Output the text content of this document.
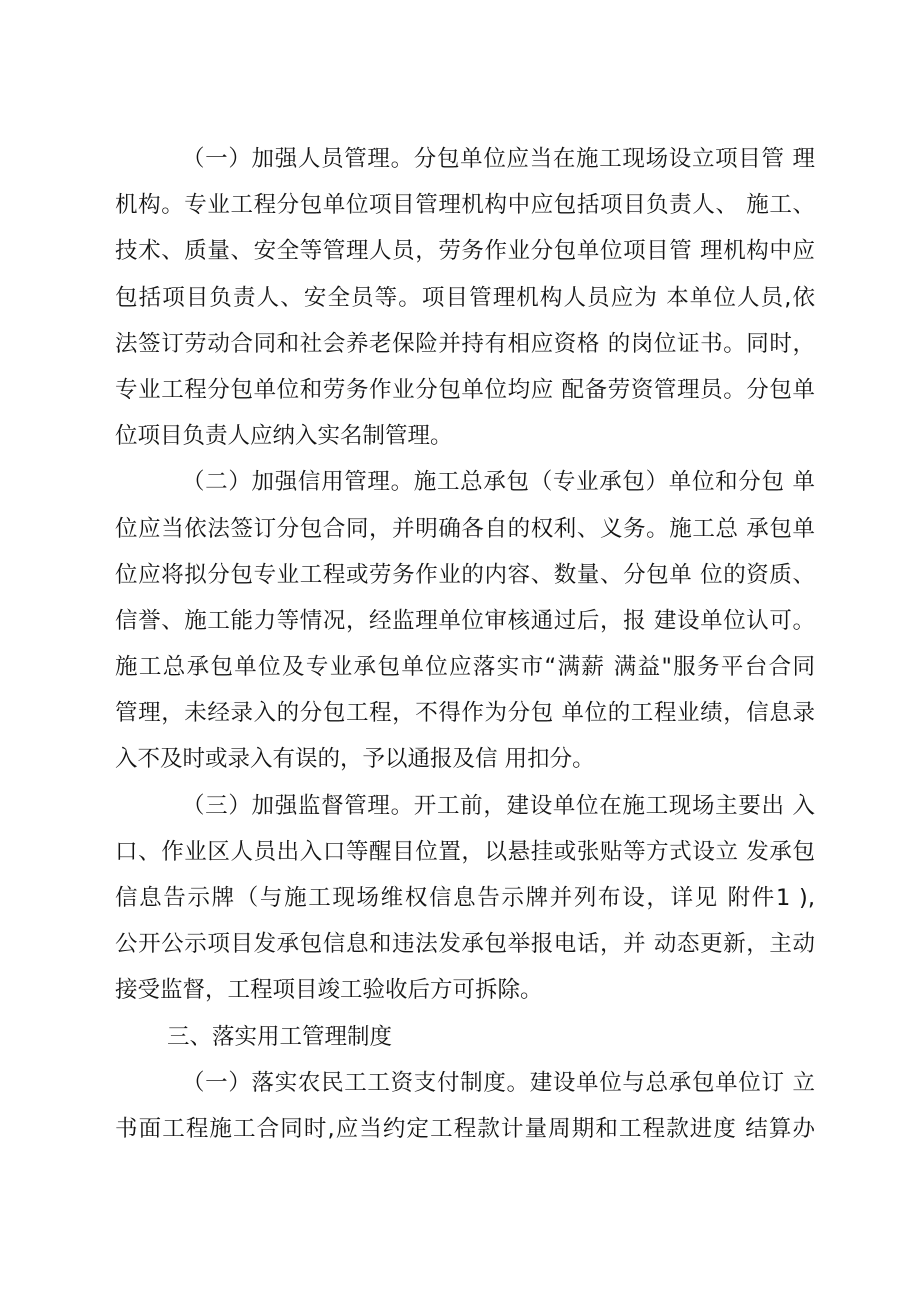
（一）加强人员管理。分包单位应当在施工现场设立项目管 理
机构。专业工程分包单位项目管理机构中应包括项目负责人、 施工、
技术、质量、安全等管理人员，劳务作业分包单位项目管 理机构中应
包括项目负责人、安全员等。项目管理机构人员应为 本单位人员,依
法签订劳动合同和社会养老保险并持有相应资格 的岗位证书。同时，
专业工程分包单位和劳务作业分包单位均应 配备劳资管理员。分包单
位项目负责人应纳入实名制管理。
（二）加强信用管理。施工总承包（专业承包）单位和分包 单
位应当依法签订分包合同，并明确各自的权利、义务。施工总 承包单
位应将拟分包专业工程或劳务作业的内容、数量、分包单 位的资质、
信誉、施工能力等情况，经监理单位审核通过后，报 建设单位认可。
施工总承包单位及专业承包单位应落实市“满薪 满益"服务平台合同
管理，未经录入的分包工程，不得作为分包 单位的工程业绩，信息录
入不及时或录入有误的，予以通报及信 用扣分。
（三）加强监督管理。开工前，建设单位在施工现场主要出 入
口、作业区人员出入口等醒目位置，以悬挂或张贴等方式设立 发承包
信息告示牌（与施工现场维权信息告示牌并列布设，详见 附件1 ),
公开公示项目发承包信息和违法发承包举报电话，并 动态更新，主动
接受监督，工程项目竣工验收后方可拆除。
三、落实用工管理制度
（一）落实农民工工资支付制度。建设单位与总承包单位订 立
书面工程施工合同时,应当约定工程款计量周期和工程款进度 结算办
